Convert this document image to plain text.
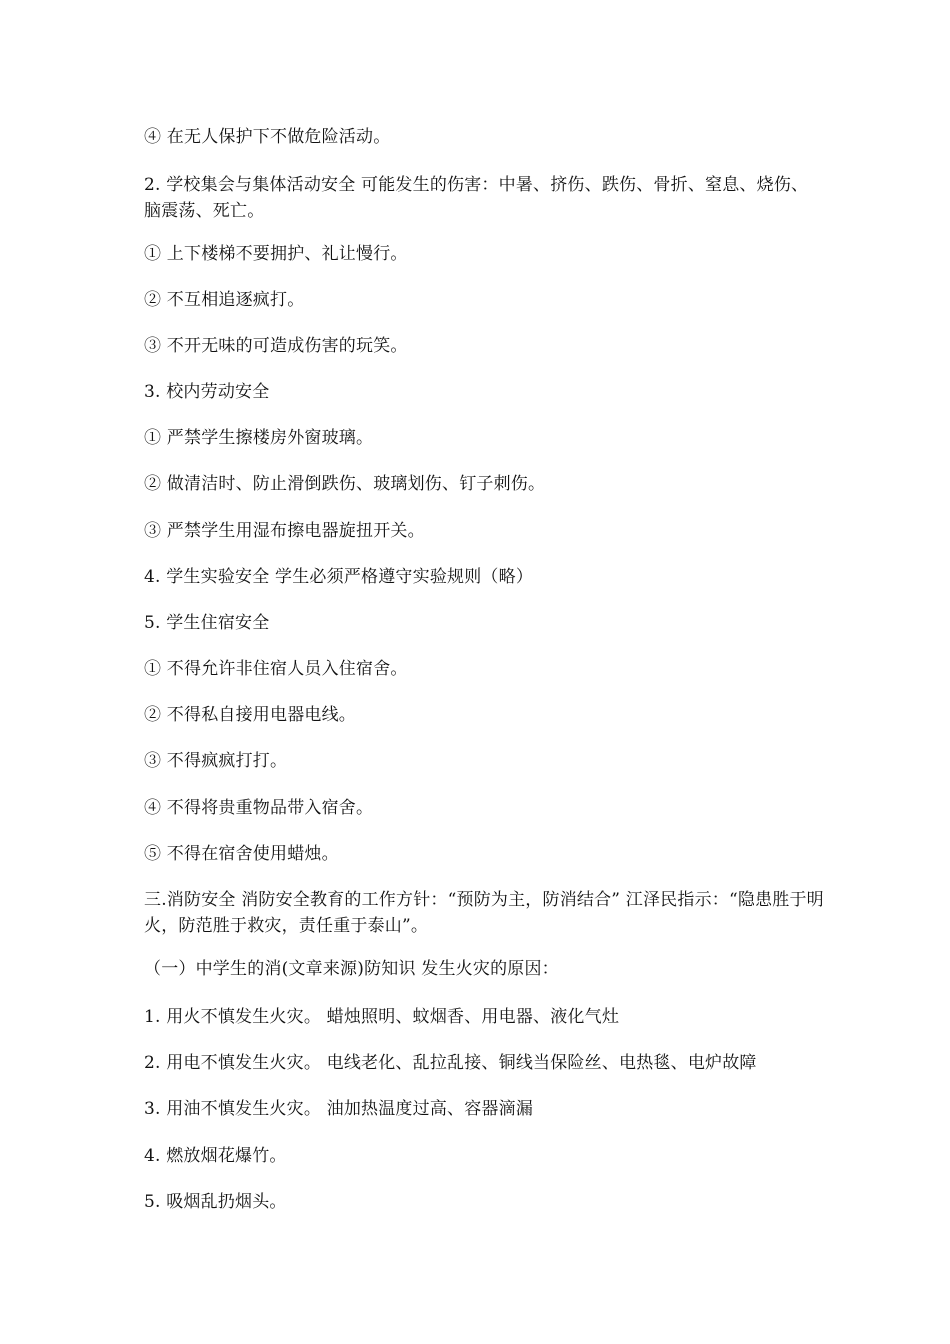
④ 在无人保护下不做危险活动。
2. 学校集会与集体活动安全 可能发生的伤害：中暑、挤伤、跌伤、骨折、窒息、烧伤、脑震荡、死亡。
① 上下楼梯不要拥护、礼让慢行。
② 不互相追逐疯打。
③ 不开无味的可造成伤害的玩笑。
3. 校内劳动安全
① 严禁学生擦楼房外窗玻璃。
② 做清洁时、防止滑倒跌伤、玻璃划伤、钉子刺伤。
③ 严禁学生用湿布擦电器旋扭开关。
4. 学生实验安全 学生必须严格遵守实验规则（略）
5. 学生住宿安全
① 不得允许非住宿人员入住宿舍。
② 不得私自接用电器电线。
③ 不得疯疯打打。
④ 不得将贵重物品带入宿舍。
⑤ 不得在宿舍使用蜡烛。
三.消防安全 消防安全教育的工作方针：“预防为主，防消结合” 江泽民指示：“隐患胜于明火，防范胜于救灾，责任重于泰山”。
（一）中学生的消(文章来源)防知识 发生火灾的原因：
1. 用火不慎发生火灾。 蜡烛照明、蚊烟香、用电器、液化气灶
2. 用电不慎发生火灾。 电线老化、乱拉乱接、铜线当保险丝、电热毯、电炉故障
3. 用油不慎发生火灾。 油加热温度过高、容器滴漏
4. 燃放烟花爆竹。
5. 吸烟乱扔烟头。
